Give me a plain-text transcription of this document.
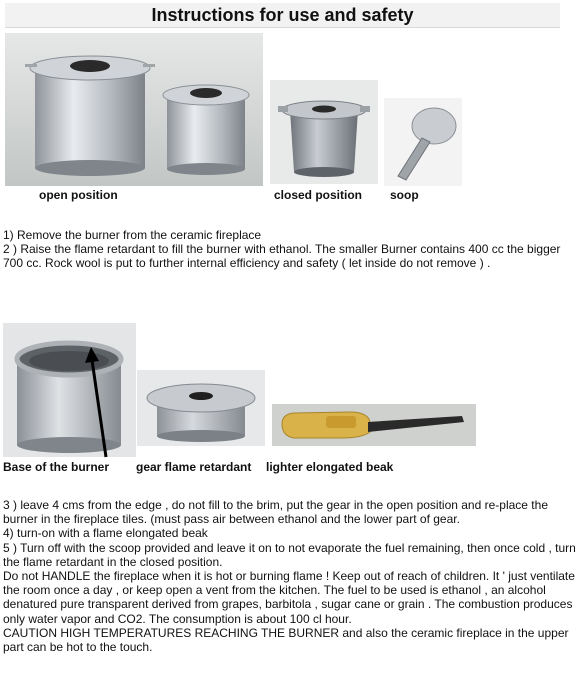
Instructions for use and safety
open position	closed position soop

1) Remove the burner from the ceramic fireplace

2 ) Raise the flame retardant to fill the burner with ethanol. The smaller Burner contains 400 cc the bigger 700 cc. Rock wool is put to further internal efficiency and safety ( let inside do not remove ) .

Base of the burner gear flame retardant lighter elongated beak

3 ) leave 4 cms from the edge , do not fill to the brim, put the gear in the open position and re-place the burner in the fireplace tiles. (must pass air between ethanol and the lower part of gear.

4) turn-on with a flame elongated beak

5 ) Turn off with the scoop provided and leave it on to not evaporate the fuel remaining, then once cold , turn the flame retardant in the closed position.

Do not HANDLE the fireplace when it is hot or burning flame ! Keep out of reach of children. It ' just ventilate the room once a day , or keep open a vent from the kitchen. The fuel to be used is ethanol , an alcohol denatured pure transparent derived from grapes, barbitola , sugar cane or grain . The combustion produces only water vapor and CO2. The consumption is about 100 cl hour.

CAUTION HIGH TEMPERATURES REACHING THE BURNER and also the ceramic fireplace in the upper part can be hot to the touch.
